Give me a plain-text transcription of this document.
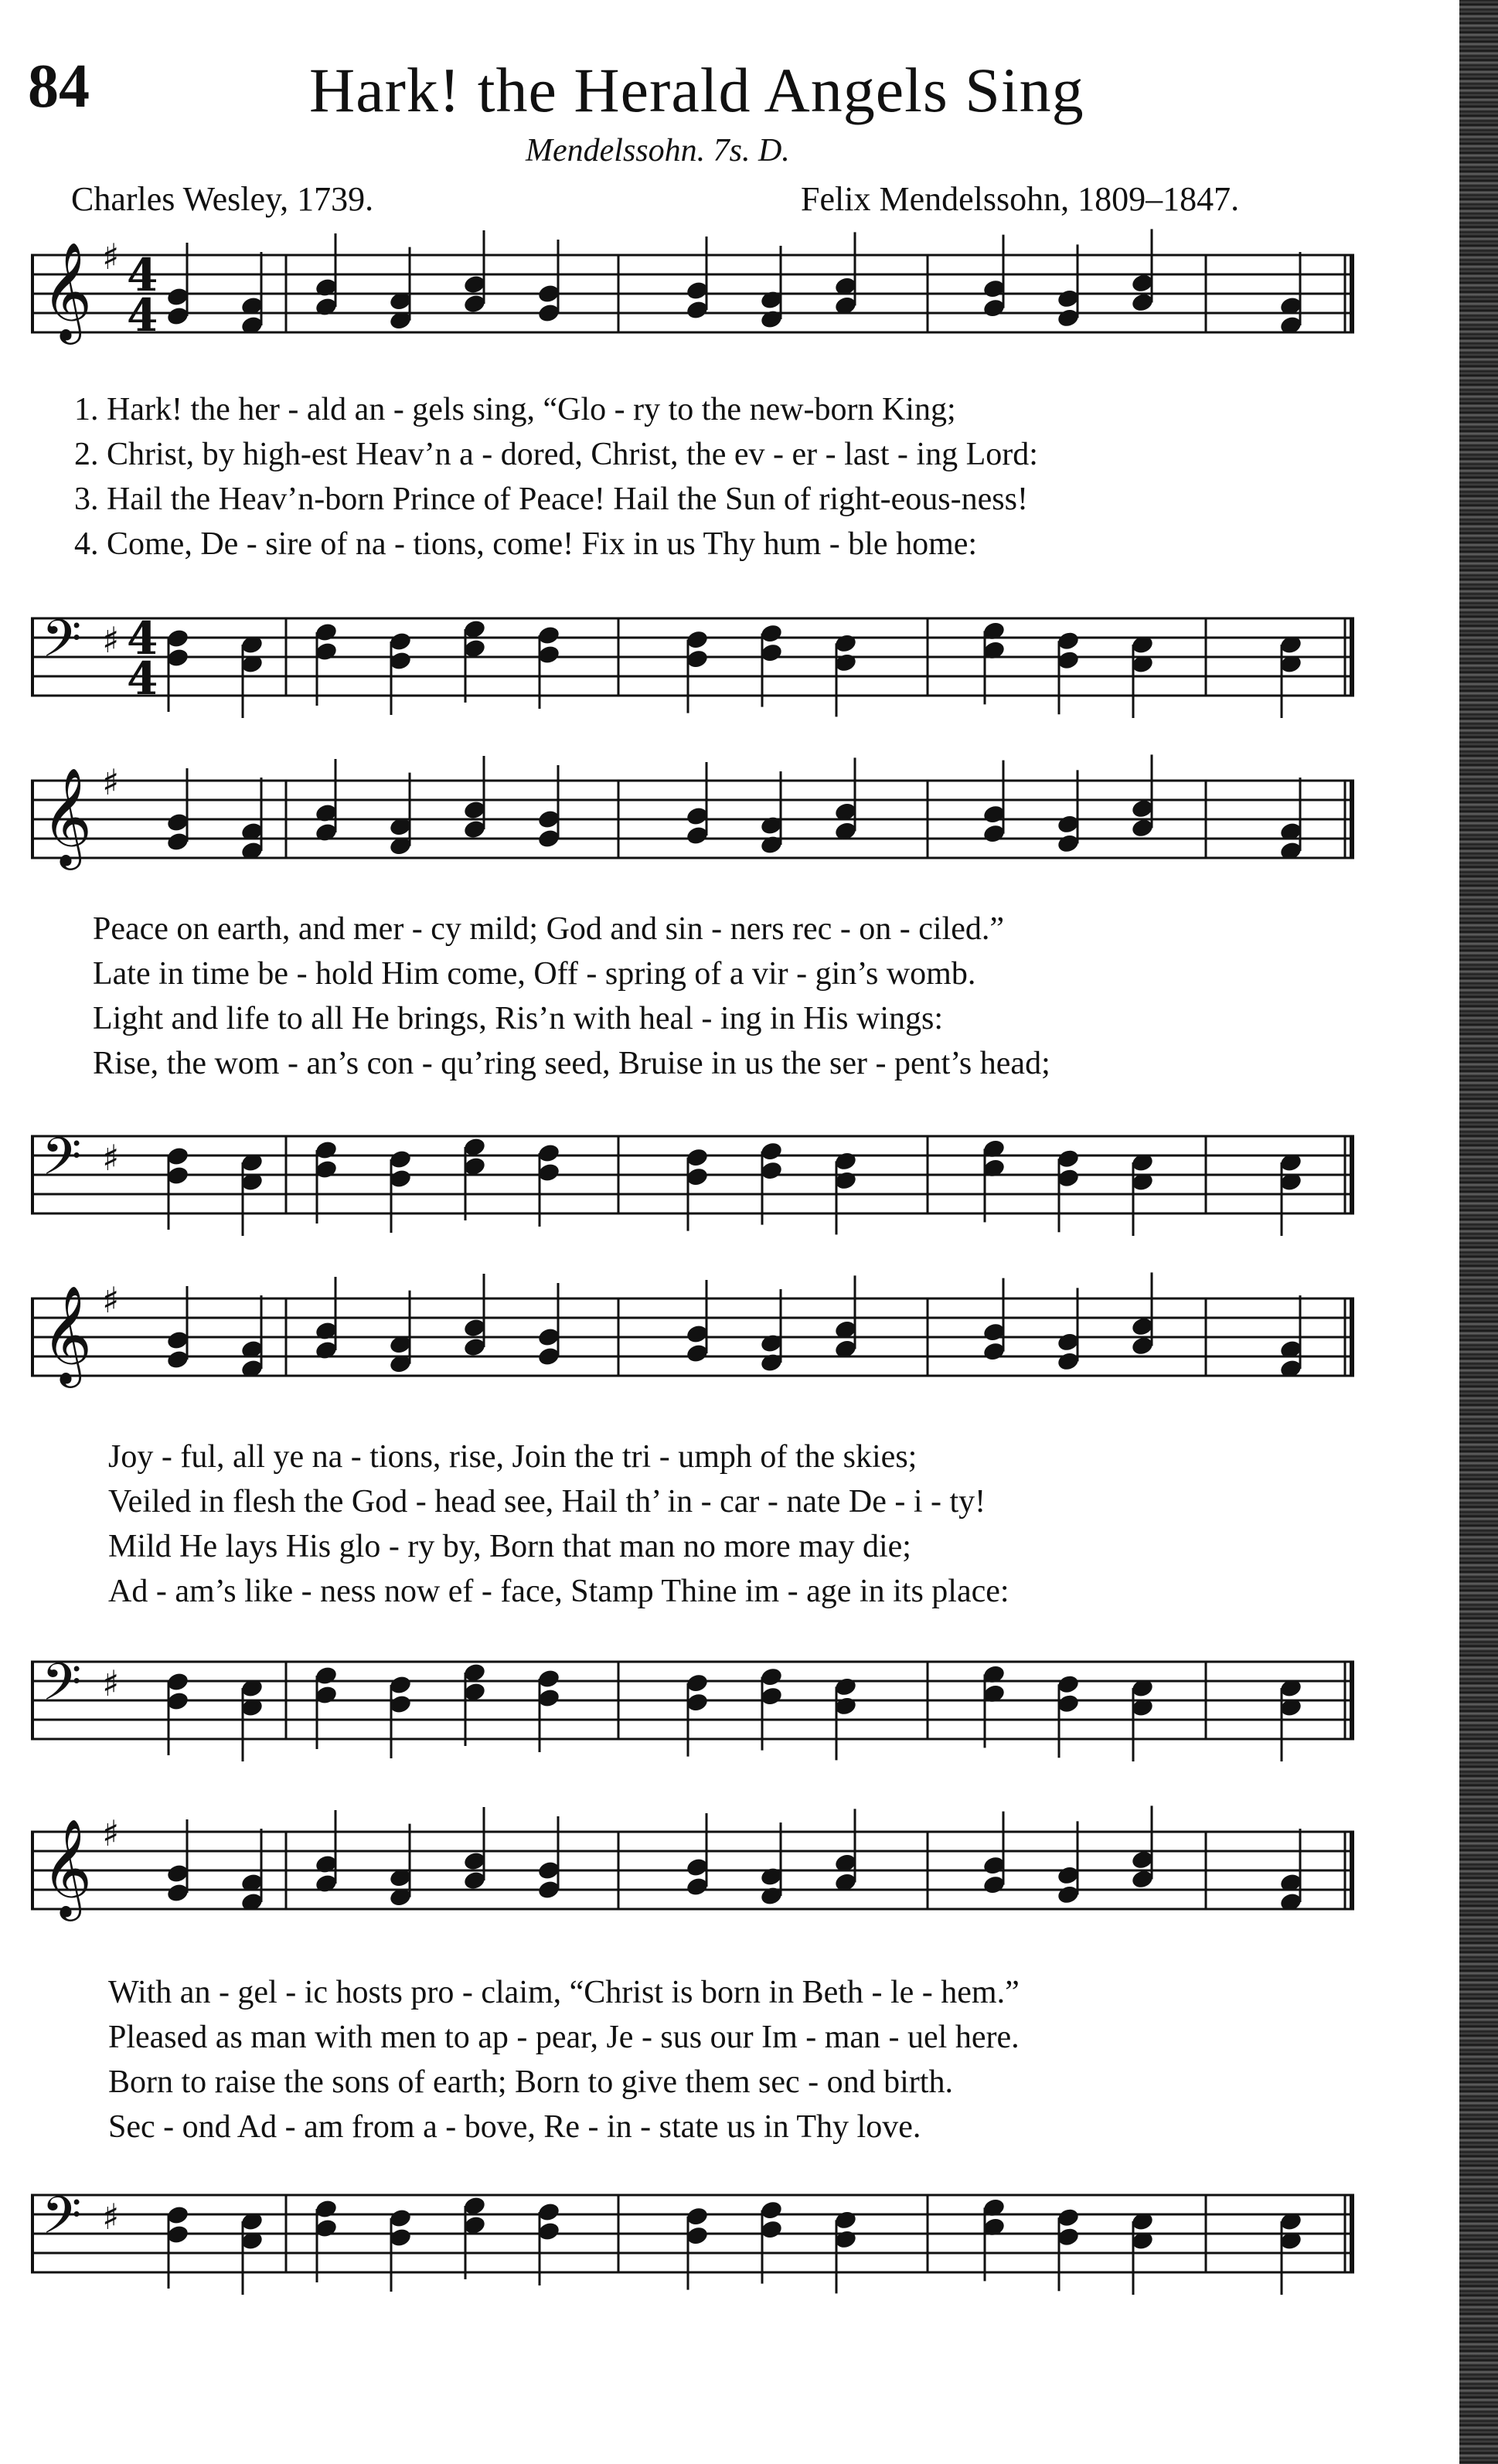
84	Hark! the Herald Angels Sing
Mendelssohn. 7s. D.
Charles Wesley, 1739.	Felix Mendelssohn, 1809–1847.
𝄞 ♯ 4
4
1. Hark! the her - ald an - gels sing, “Glo - ry to the new-born King;
2. Christ, by high-est Heav’n a - dored, Christ, the ev - er - last - ing Lord:
3. Hail the Heav’n-born Prince of Peace! Hail the Sun of right-eous-ness!
4. Come, De - sire of na - tions, come! Fix in us Thy hum - ble home:
𝄢 ♯ 4
4
𝄞 ♯
Peace on earth, and mer - cy mild; God and sin - ners rec - on - ciled.”
Late in time be - hold Him come, Off - spring of a vir - gin’s womb.
Light and life to all He brings, Ris’n with heal - ing in His wings:
Rise, the wom - an’s con - qu’ring seed, Bruise in us the ser - pent’s head;
𝄢 ♯
𝄞 ♯
Joy - ful, all ye na - tions, rise, Join the tri - umph of the skies;
Veiled in flesh the God - head see, Hail th’ in - car - nate De - i - ty!
Mild He lays His glo - ry by, Born that man no more may die;
Ad - am’s like - ness now ef - face, Stamp Thine im - age in its place:
𝄢 ♯
𝄞 ♯
With an - gel - ic hosts pro - claim, “Christ is born in Beth - le - hem.”
Pleased as man with men to ap - pear, Je - sus our Im - man - uel here.
Born to raise the sons of earth; Born to give them sec - ond birth.
Sec - ond Ad - am from a - bove, Re - in - state us in Thy love.
𝄢 ♯
